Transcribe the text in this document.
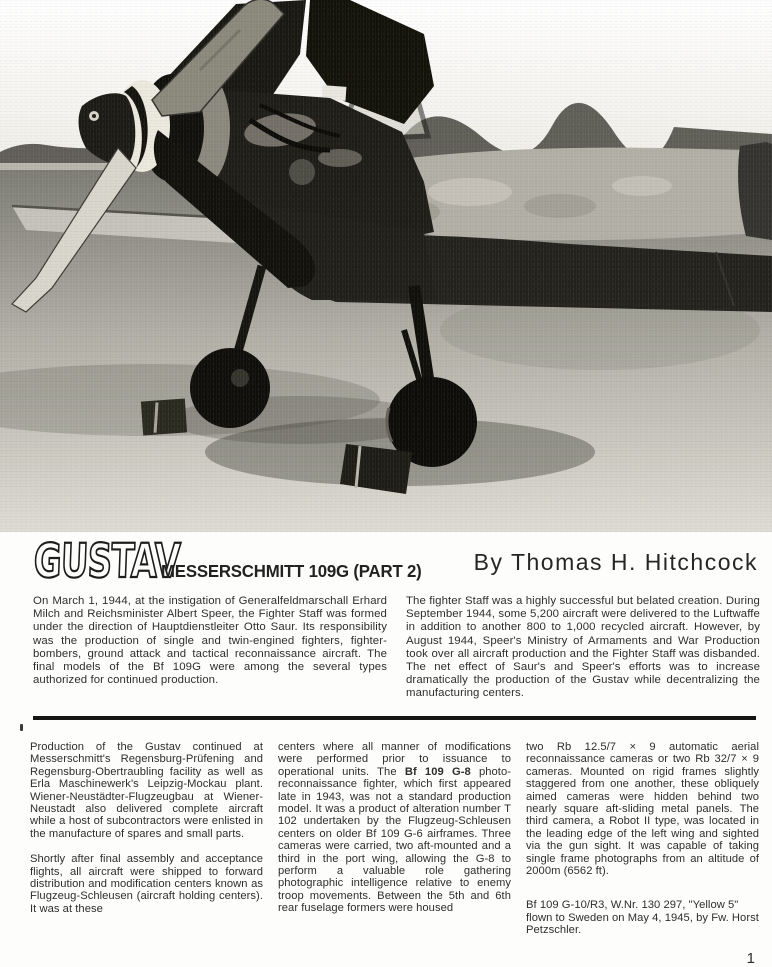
GUSTAV
MESSERSCHMITT 109G (PART 2) By Thomas H. Hitchcock

On March 1, 1944, at the instigation of Generalfeldmarschall Erhard Milch and Reichsminister Albert Speer, the Fighter Staff was formed under the direction of Hauptdienstleiter Otto Saur. Its responsibility was the production of single and twin-engined fighters, fighter-bombers, ground attack and tactical reconnaissance aircraft. The final models of the Bf 109G were among the several types authorized for continued production.

The fighter Staff was a highly successful but belated creation. During September 1944, some 5,200 aircraft were delivered to the Luftwaffe in addition to another 800 to 1,000 recycled aircraft. However, by August 1944, Speer's Ministry of Armaments and War Production took over all aircraft production and the Fighter Staff was disbanded. The net effect of Saur's and Speer's efforts was to increase dramatically the production of the Gustav while decentralizing the manufacturing centers.

Production of the Gustav continued at Messerschmitt's Regensburg-Prüfening and Regensburg-Obertraubling facility as well as Erla Maschinewerk's Leipzig-Mockau plant. Wiener-Neustädter-Flugzeugbau at Wiener-Neustadt also delivered complete aircraft while a host of subcontractors were enlisted in the manufacture of spares and small parts.

Shortly after final assembly and acceptance flights, all aircraft were shipped to forward distribution and modification centers known as Flugzeug-Schleusen (aircraft holding centers). It was at these

centers where all manner of modifications were performed prior to issuance to operational units. The Bf 109 G-8 photo-reconnaissance fighter, which first appeared late in 1943, was not a standard production model. It was a product of alteration number T 102 undertaken by the Flugzeug-Schleusen centers on older Bf 109 G-6 airframes. Three cameras were carried, two aft-mounted and a third in the port wing, allowing the G-8 to perform a valuable role gathering photographic intelligence relative to enemy troop movements. Between the 5th and 6th rear fuselage formers were housed

two Rb 12.5/7 × 9 automatic aerial reconnaissance cameras or two Rb 32/7 × 9 cameras. Mounted on rigid frames slightly staggered from one another, these obliquely aimed cameras were hidden behind two nearly square aft-sliding metal panels. The third camera, a Robot II type, was located in the leading edge of the left wing and sighted via the gun sight. It was capable of taking single frame photographs from an altitude of 2000m (6562 ft).

Bf 109 G-10/R3, W.Nr. 130 297, "Yellow 5" flown to Sweden on May 4, 1945, by Fw. Horst Petzschler.

1
